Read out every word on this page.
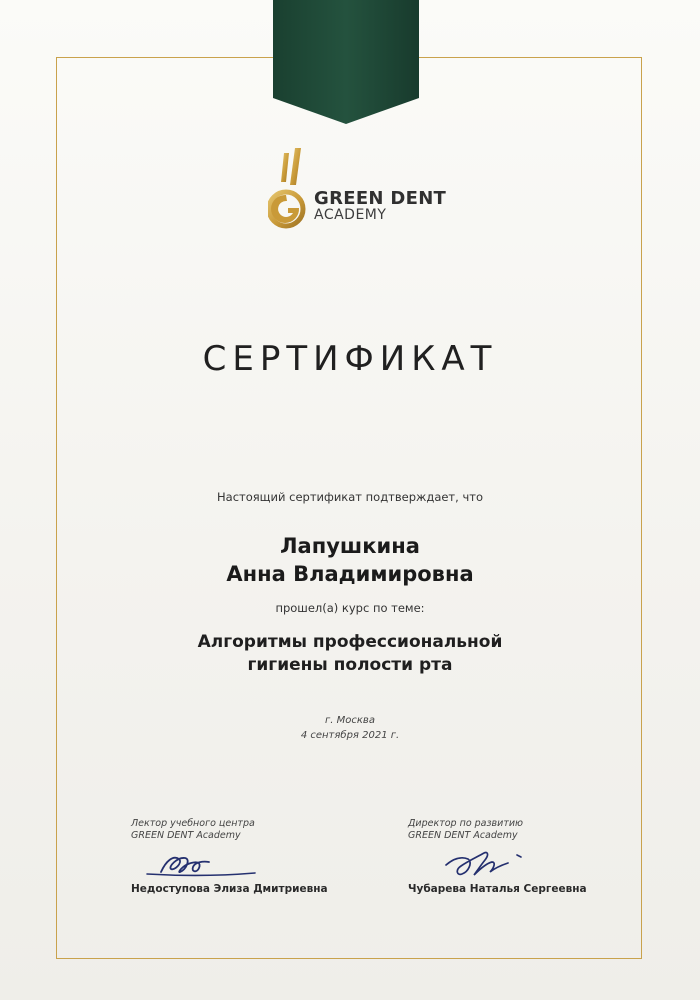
GREEN DENT
ACADEMY
СЕРТИФИКАТ
Настоящий сертификат подтверждает, что
Лапушкина
Анна Владимировна
прошел(а) курс по теме:
Алгоритмы профессиональной
гигиены полости рта
г. Москва
4 сентября 2021 г.
Лектор учебного центра
GREEN DENT Academy
Недоступова Элиза Дмитриевна
Директор по развитию
GREEN DENT Academy
Чубарева Наталья Сергеевна
